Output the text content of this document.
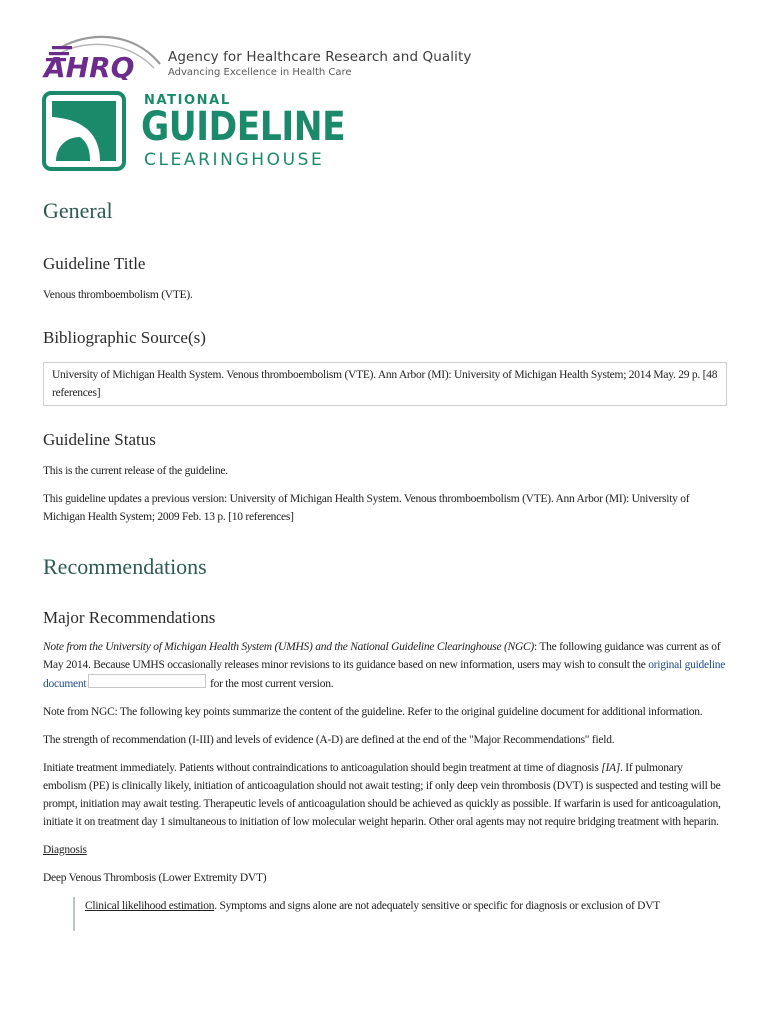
AHRQ Agency for Healthcare Research and Quality
Advancing Excellence in Health Care
NATIONAL
GUIDELINE
CLEARINGHOUSE
General
Guideline Title

Venous thromboembolism (VTE).

Bibliographic Source(s)
University of Michigan Health System. Venous thromboembolism (VTE). Ann Arbor (MI): University of Michigan Health System; 2014 May. 29 p. [48 references]
Guideline Status

This is the current release of the guideline.

This guideline updates a previous version: University of Michigan Health System. Venous thromboembolism (VTE). Ann Arbor (MI): University of Michigan Health System; 2009 Feb. 13 p. [10 references]

Recommendations
Major Recommendations

Note from the University of Michigan Health System (UMHS) and the National Guideline Clearinghouse (NGC): The following guidance was current as of May 2014. Because UMHS occasionally releases minor revisions to its guidance based on new information, users may wish to consult the original guideline document	for the most current version.

Note from NGC: The following key points summarize the content of the guideline. Refer to the original guideline document for additional information.

The strength of recommendation (I-III) and levels of evidence (A-D) are defined at the end of the "Major Recommendations" field.

Initiate treatment immediately. Patients without contraindications to anticoagulation should begin treatment at time of diagnosis [IA]. If pulmonary embolism (PE) is clinically likely, initiation of anticoagulation should not await testing; if only deep vein thrombosis (DVT) is suspected and testing will be prompt, initiation may await testing. Therapeutic levels of anticoagulation should be achieved as quickly as possible. If warfarin is used for anticoagulation, initiate it on treatment day 1 simultaneous to initiation of low molecular weight heparin. Other oral agents may not require bridging treatment with heparin.

Diagnosis

Deep Venous Thrombosis (Lower Extremity DVT)

Clinical likelihood estimation. Symptoms and signs alone are not adequately sensitive or specific for diagnosis or exclusion of DVT
